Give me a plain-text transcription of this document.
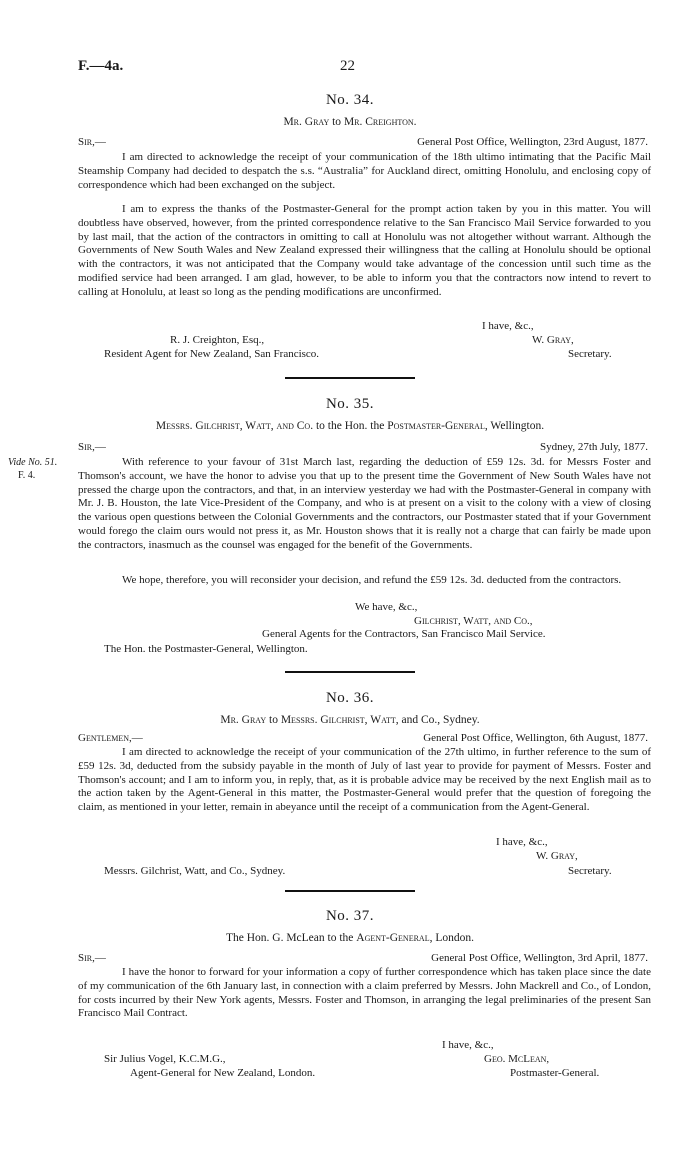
F.—4a.	22
No. 34.
Mr. Gray to Mr. Creighton.
Sir,—	General Post Office, Wellington, 23rd August, 1877.

I am directed to acknowledge the receipt of your communication of the 18th ultimo intimating that the Pacific Mail Steamship Company had decided to despatch the s.s. “Australia” for Auckland direct, omitting Honolulu, and enclosing copy of correspondence which had been exchanged on the subject.

I am to express the thanks of the Postmaster-General for the prompt action taken by you in this matter. You will doubtless have observed, however, from the printed correspondence relative to the San Francisco Mail Service forwarded to you by last mail, that the action of the contractors in omitting to call at Honolulu was not altogether without warrant. Although the Governments of New South Wales and New Zealand expressed their willingness that the calling at Honolulu should be optional with the contractors, it was not anticipated that the Company would take advantage of the concession until such time as the modified service had been arranged. I am glad, however, to be able to inform you that the contractors now intend to revert to calling at Honolulu, at least so long as the pending modifications are unconfirmed.

I have, &c.,
R. J. Creighton, Esq.,	W. Gray,
Resident Agent for New Zealand, San Francisco.	Secretary.
No. 35.
Messrs. Gilchrist, Watt, and Co. to the Hon. the Postmaster-General, Wellington.
Sir,—	Sydney, 27th July, 1877.
Vide No. 51.
F. 4.

With reference to your favour of 31st March last, regarding the deduction of £59 12s. 3d. for Messrs Foster and Thomson's account, we have the honor to advise you that up to the present time the Government of New South Wales have not pressed the charge upon the contractors, and that, in an interview yesterday we had with the Postmaster-General in company with Mr. J. B. Houston, the late Vice-President of the Company, and who is at present on a visit to the colony with a view of closing the various open questions between the Colonial Governments and the contractors, our Postmaster stated that if your Government would forego the claim ours would not press it, as Mr. Houston shows that it is really not a charge that can fairly be made upon the contractors, inasmuch as the counsel was engaged for the benefit of the Governments.

We hope, therefore, you will reconsider your decision, and refund the £59 12s. 3d. deducted from the contractors.

We have, &c.,
Gilchrist, Watt, and Co.,
General Agents for the Contractors, San Francisco Mail Service.
The Hon. the Postmaster-General, Wellington.
No. 36.
Mr. Gray to Messrs. Gilchrist, Watt, and Co., Sydney.
Gentlemen,—	General Post Office, Wellington, 6th August, 1877.

I am directed to acknowledge the receipt of your communication of the 27th ultimo, in further reference to the sum of £59 12s. 3d, deducted from the subsidy payable in the month of July of last year to provide for payment of Messrs. Foster and Thomson's account; and I am to inform you, in reply, that, as it is probable advice may be received by the next English mail as to the action taken by the Agent-General in this matter, the Postmaster-General would prefer that the question of foregoing the claim, as mentioned in your letter, remain in abeyance until the receipt of a communication from the Agent-General.

I have, &c.,
W. Gray,
Messrs. Gilchrist, Watt, and Co., Sydney.	Secretary.
No. 37.
The Hon. G. McLean to the Agent-General, London.
Sir,—	General Post Office, Wellington, 3rd April, 1877.

I have the honor to forward for your information a copy of further correspondence which has taken place since the date of my communication of the 6th January last, in connection with a claim preferred by Messrs. John Mackrell and Co., of London, for costs incurred by their New York agents, Messrs. Foster and Thomson, in arranging the legal preliminaries of the present San Francisco Mail Contract.

I have, &c.,
Sir Julius Vogel, K.C.M.G.,	Geo. McLean,
Agent-General for New Zealand, London.	Postmaster-General.
